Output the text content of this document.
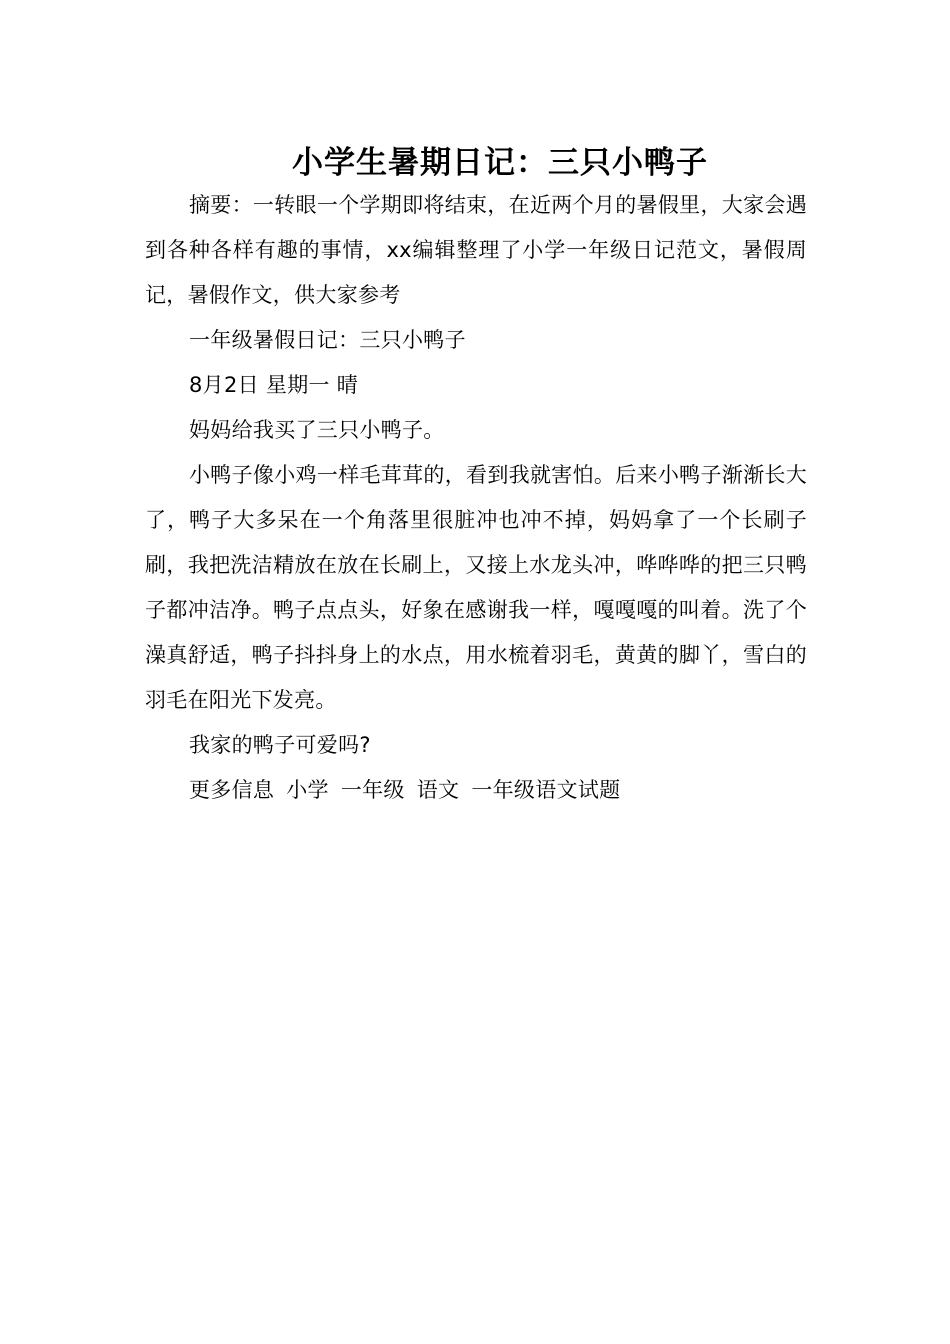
小学生暑期日记：三只小鸭子

摘要：一转眼一个学期即将结束，在近两个月的暑假里，大家会遇到各种各样有趣的事情，xx编辑整理了小学一年级日记范文，暑假周记，暑假作文，供大家参考

一年级暑假日记：三只小鸭子

8月2日 星期一 晴

妈妈给我买了三只小鸭子。

小鸭子像小鸡一样毛茸茸的，看到我就害怕。后来小鸭子渐渐长大了，鸭子大多呆在一个角落里很脏冲也冲不掉，妈妈拿了一个长刷子刷，我把洗洁精放在放在长刷上，又接上水龙头冲，哗哗哗的把三只鸭子都冲洁净。鸭子点点头，好象在感谢我一样，嘎嘎嘎的叫着。洗了个澡真舒适，鸭子抖抖身上的水点，用水梳着羽毛，黄黄的脚丫，雪白的羽毛在阳光下发亮。

我家的鸭子可爱吗?

更多信息 小学 一年级 语文 一年级语文试题
